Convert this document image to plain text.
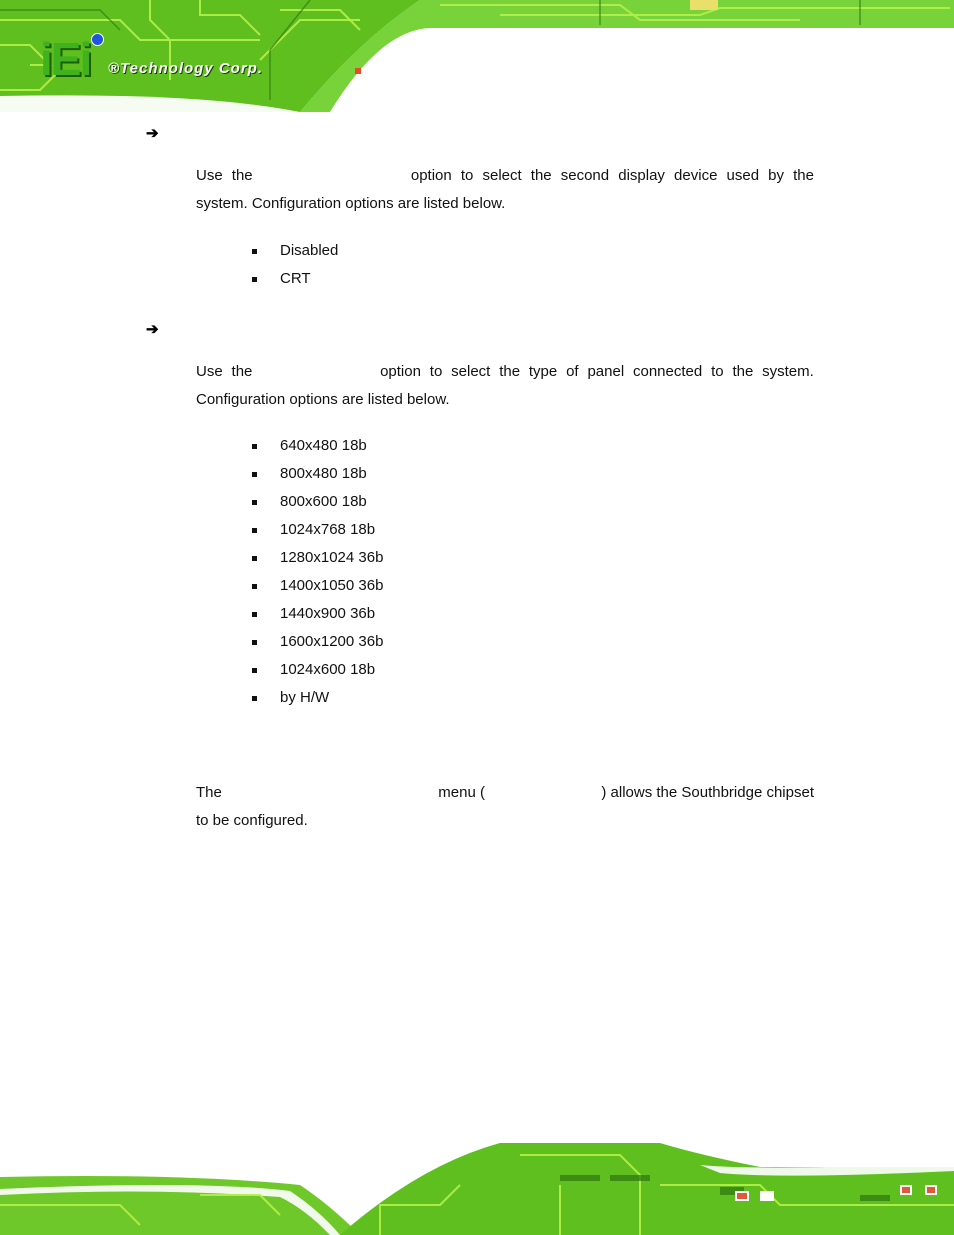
iEi ®Technology Corp.
➔
Use the	option to select the second display device used by the
system. Configuration options are listed below.
Disabled
CRT
➔
Use the	option to select the type of panel connected to the system.
Configuration options are listed below.
640x480 18b
800x480 18b
800x600 18b
1024x768 18b
1280x1024 36b
1400x1050 36b
1440x900 36b
1600x1200 36b
1024x600 18b
by H/W
The	menu (	) allows the Southbridge chipset
to be configured.
